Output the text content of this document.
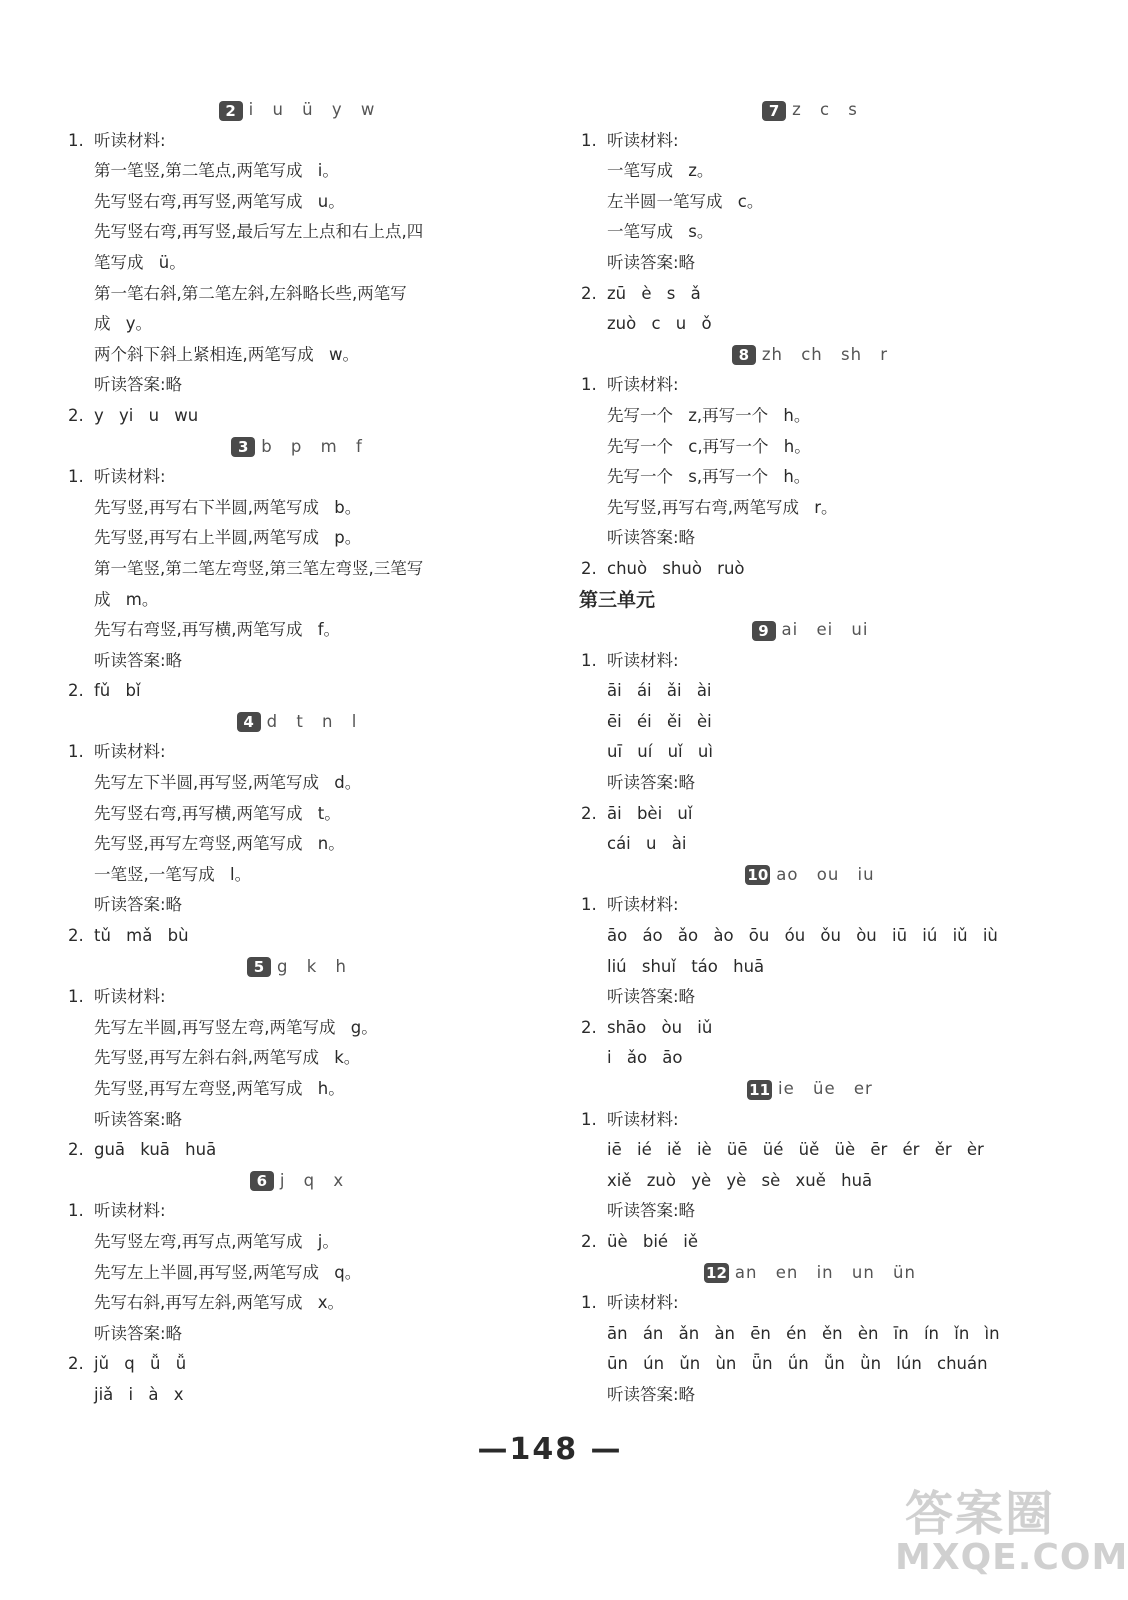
2 i u ü y w
1. 听读材料:
第一笔竖,第二笔点,两笔写成 i。
先写竖右弯,再写竖,两笔写成 u。
先写竖右弯,再写竖,最后写左上点和右上点,四
笔写成 ü。
第一笔右斜,第二笔左斜,左斜略长些,两笔写
成 y。
两个斜下斜上紧相连,两笔写成 w。
听读答案:略
2. y yi u wu
3 b p m f
1. 听读材料:
先写竖,再写右下半圆,两笔写成 b。
先写竖,再写右上半圆,两笔写成 p。
第一笔竖,第二笔左弯竖,第三笔左弯竖,三笔写
成 m。
先写右弯竖,再写横,两笔写成 f。
听读答案:略
2. fǔ bǐ
4 d t n l
1. 听读材料:
先写左下半圆,再写竖,两笔写成 d。
先写竖右弯,再写横,两笔写成 t。
先写竖,再写左弯竖,两笔写成 n。
一笔竖,一笔写成 l。
听读答案:略
2. tǔ mǎ bù
5 g k h
1. 听读材料:
先写左半圆,再写竖左弯,两笔写成 g。
先写竖,再写左斜右斜,两笔写成 k。
先写竖,再写左弯竖,两笔写成 h。
听读答案:略
2. guā kuā huā
6 j q x
1. 听读材料:
先写竖左弯,再写点,两笔写成 j。
先写左上半圆,再写竖,两笔写成 q。
先写右斜,再写左斜,两笔写成 x。
听读答案:略
2. jǔ q ǚ ǚ
jiǎ i à x
7 z c s
1. 听读材料:
一笔写成 z。
左半圆一笔写成 c。
一笔写成 s。
听读答案:略
2. zū è s ǎ
zuò c u ǒ
8 zh ch sh r
1. 听读材料:
先写一个 z,再写一个 h。
先写一个 c,再写一个 h。
先写一个 s,再写一个 h。
先写竖,再写右弯,两笔写成 r。
听读答案:略
2. chuò shuò ruò
第三单元
9 ai ei ui
1. 听读材料:
āi ái ǎi ài
ēi éi ěi èi
uī uí uǐ uì
听读答案:略
2. āi bèi uǐ
cái u ài
10 ao ou iu
1. 听读材料:
āo áo ǎo ào ōu óu ǒu òu iū iú iǔ iù
liú shuǐ táo huā
听读答案:略
2. shāo òu iǔ
i ǎo āo
11 ie üe er
1. 听读材料:
iē ié iě iè üē üé üě üè ēr ér ěr èr
xiě zuò yè yè sè xuě huā
听读答案:略
2. üè bié iě
12 an en in un ün
1. 听读材料:
ān án ǎn àn ēn én ěn èn īn ín ǐn ìn
ūn ún ǔn ùn ǖn ǘn ǚn ǜn lún chuán
听读答案:略
—148 —
答案圈
MXQE.COM
